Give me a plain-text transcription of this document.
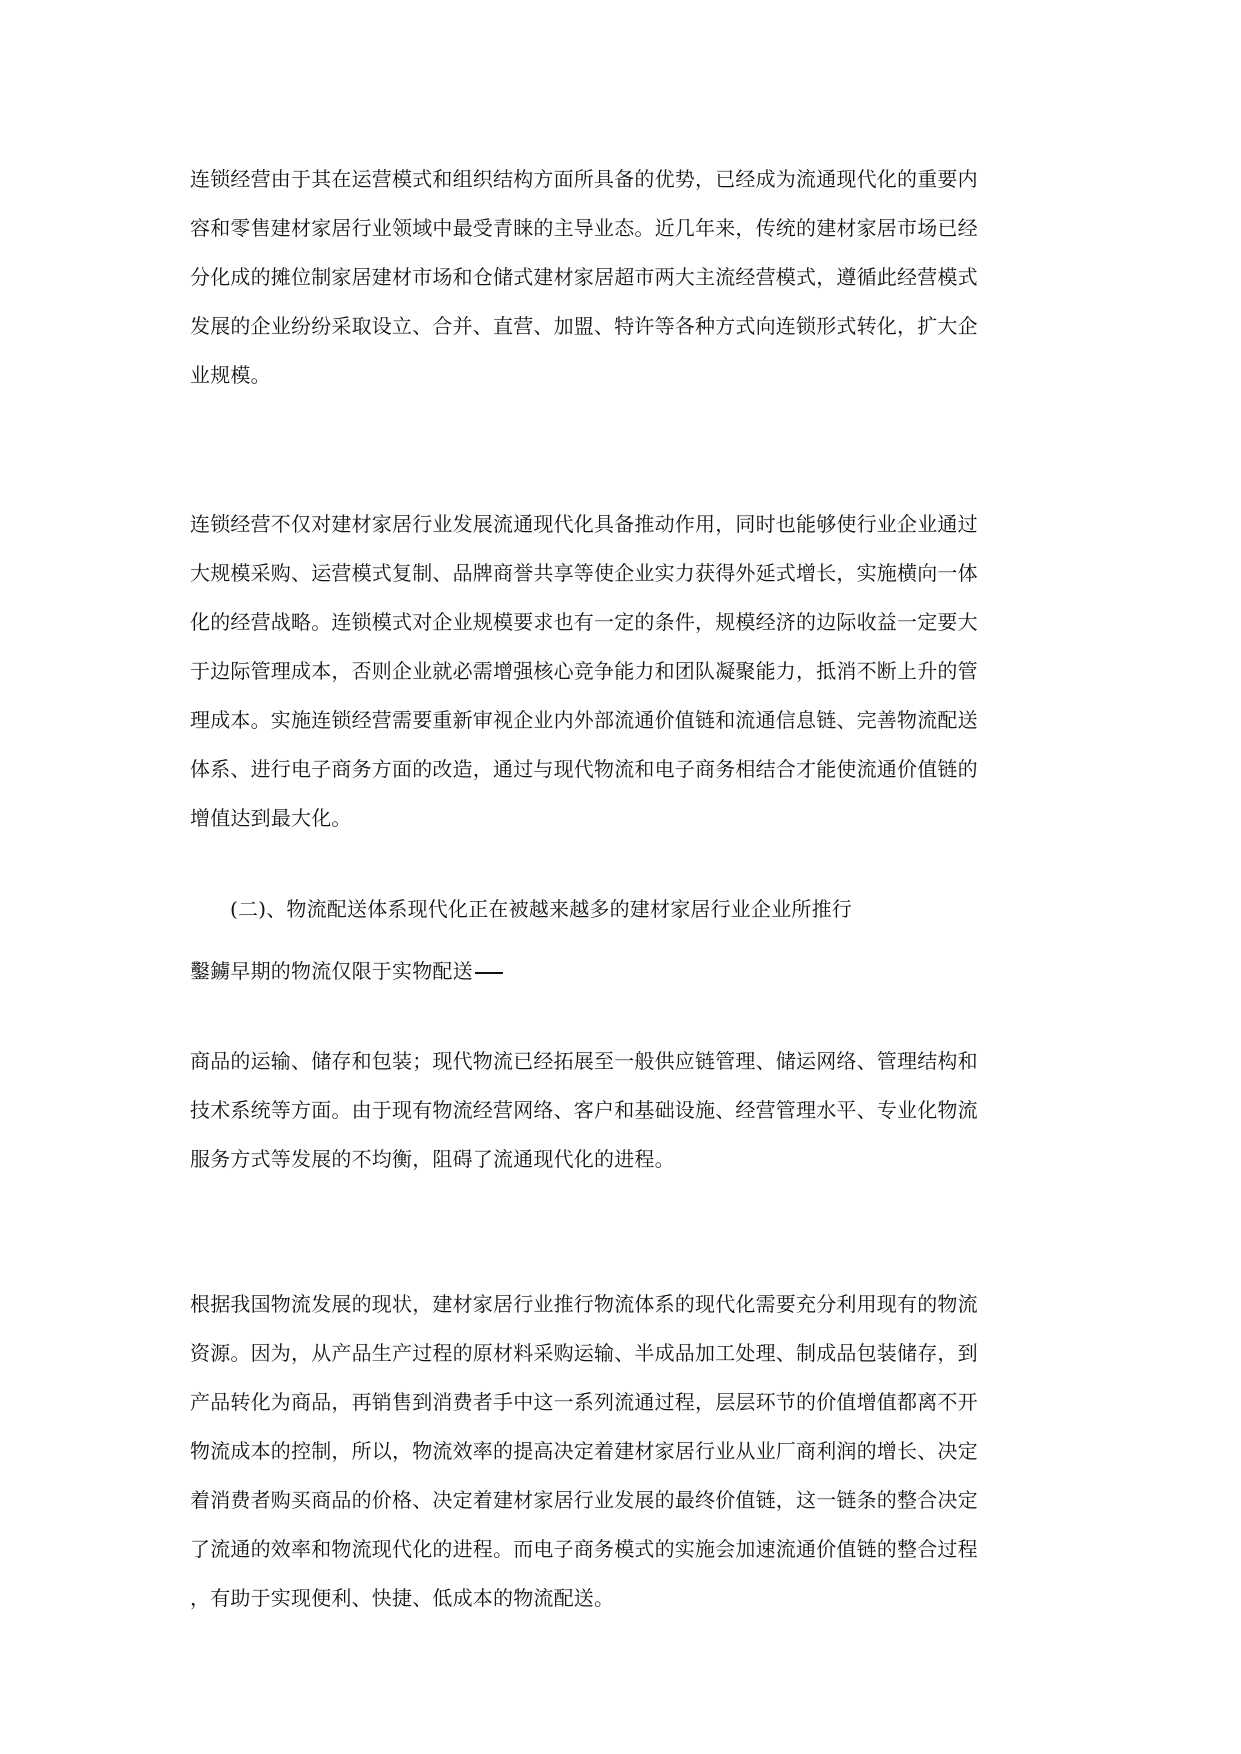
连锁经营由于其在运营模式和组织结构方面所具备的优势，已经成为流通现代化的重要内
容和零售建材家居行业领域中最受青睐的主导业态。近几年来，传统的建材家居市场已经
分化成的摊位制家居建材市场和仓储式建材家居超市两大主流经营模式，遵循此经营模式
发展的企业纷纷采取设立、合并、直营、加盟、特许等各种方式向连锁形式转化，扩大企
业规模。
连锁经营不仅对建材家居行业发展流通现代化具备推动作用，同时也能够使行业企业通过
大规模采购、运营模式复制、品牌商誉共享等使企业实力获得外延式增长，实施横向一体
化的经营战略。连锁模式对企业规模要求也有一定的条件，规模经济的边际收益一定要大
于边际管理成本，否则企业就必需增强核心竞争能力和团队凝聚能力，抵消不断上升的管
理成本。实施连锁经营需要重新审视企业内外部流通价值链和流通信息链、完善物流配送
体系、进行电子商务方面的改造，通过与现代物流和电子商务相结合才能使流通价值链的
增值达到最大化。
(二)、物流配送体系现代化正在被越来越多的建材家居行业企业所推行
鑿鐪早期的物流仅限于实物配送
商品的运输、储存和包装；现代物流已经拓展至一般供应链管理、储运网络、管理结构和
技术系统等方面。由于现有物流经营网络、客户和基础设施、经营管理水平、专业化物流
服务方式等发展的不均衡，阻碍了流通现代化的进程。
根据我国物流发展的现状，建材家居行业推行物流体系的现代化需要充分利用现有的物流
资源。因为，从产品生产过程的原材料采购运输、半成品加工处理、制成品包装储存，到
产品转化为商品，再销售到消费者手中这一系列流通过程，层层环节的价值增值都离不开
物流成本的控制，所以，物流效率的提高决定着建材家居行业从业厂商利润的增长、决定
着消费者购买商品的价格、决定着建材家居行业发展的最终价值链，这一链条的整合决定
了流通的效率和物流现代化的进程。而电子商务模式的实施会加速流通价值链的整合过程
，有助于实现便利、快捷、低成本的物流配送。
